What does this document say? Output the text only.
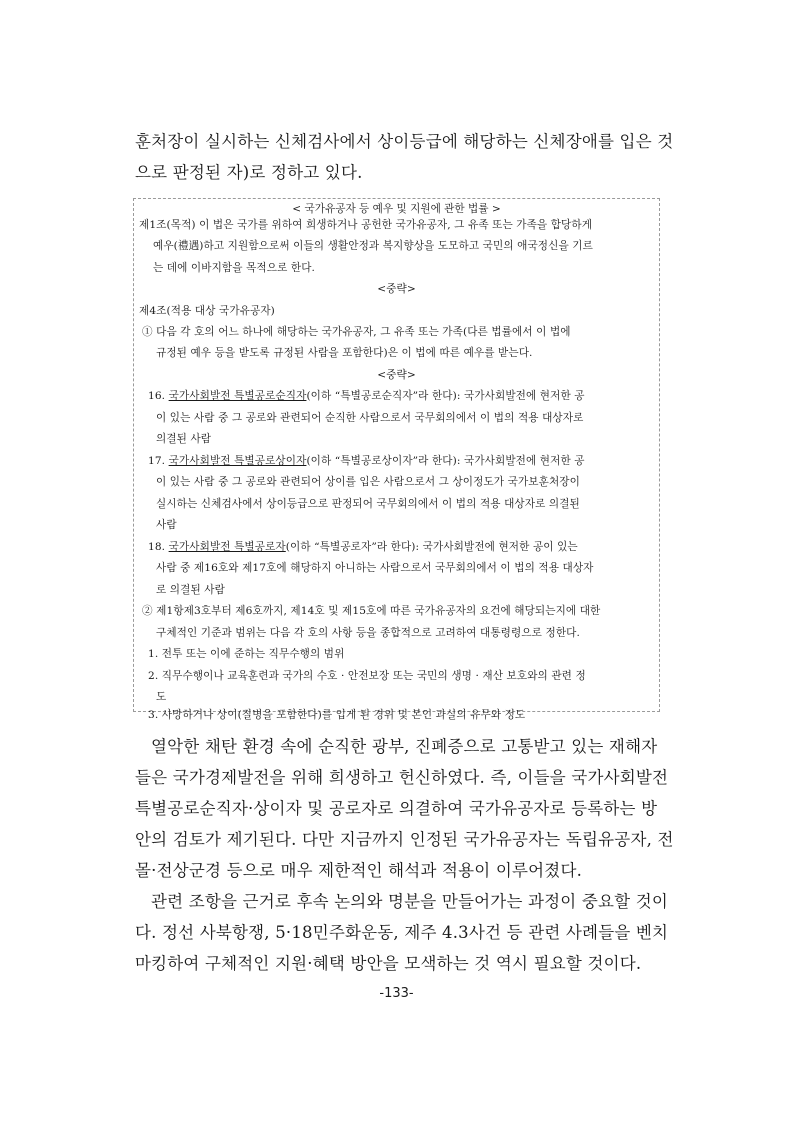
훈처장이 실시하는 신체검사에서 상이등급에 해당하는 신체장애를 입은 것
으로 판정된 자)로 정하고 있다.
< 국가유공자 등 예우 및 지원에 관한 법률 >
제1조(목적) 이 법은 국가를 위하여 희생하거나 공헌한 국가유공자, 그 유족 또는 가족을 합당하게
예우(禮遇)하고 지원함으로써 이들의 생활안정과 복지향상을 도모하고 국민의 애국정신을 기르
는 데에 이바지함을 목적으로 한다.
<중략>
제4조(적용 대상 국가유공자)
① 다음 각 호의 어느 하나에 해당하는 국가유공자, 그 유족 또는 가족(다른 법률에서 이 법에
규정된 예우 등을 받도록 규정된 사람을 포함한다)은 이 법에 따른 예우를 받는다.
<중략>
16. 국가사회발전 특별공로순직자(이하 “특별공로순직자”라 한다): 국가사회발전에 현저한 공
이 있는 사람 중 그 공로와 관련되어 순직한 사람으로서 국무회의에서 이 법의 적용 대상자로
의결된 사람
17. 국가사회발전 특별공로상이자(이하 “특별공로상이자”라 한다): 국가사회발전에 현저한 공
이 있는 사람 중 그 공로와 관련되어 상이를 입은 사람으로서 그 상이정도가 국가보훈처장이
실시하는 신체검사에서 상이등급으로 판정되어 국무회의에서 이 법의 적용 대상자로 의결된
사람
18. 국가사회발전 특별공로자(이하 “특별공로자”라 한다): 국가사회발전에 현저한 공이 있는
사람 중 제16호와 제17호에 해당하지 아니하는 사람으로서 국무회의에서 이 법의 적용 대상자
로 의결된 사람
② 제1항제3호부터 제6호까지, 제14호 및 제15호에 따른 국가유공자의 요건에 해당되는지에 대한
구체적인 기준과 범위는 다음 각 호의 사항 등을 종합적으로 고려하여 대통령령으로 정한다.
1. 전투 또는 이에 준하는 직무수행의 범위
2. 직무수행이나 교육훈련과 국가의 수호 · 안전보장 또는 국민의 생명 · 재산 보호와의 관련 정
도
3. 사망하거나 상이(질병을 포함한다)를 입게 된 경위 및 본인 과실의 유무와 정도
열악한 채탄 환경 속에 순직한 광부, 진폐증으로 고통받고 있는 재해자
들은 국가경제발전을 위해 희생하고 헌신하였다. 즉, 이들을 국가사회발전
특별공로순직자·상이자 및 공로자로 의결하여 국가유공자로 등록하는 방
안의 검토가 제기된다. 다만 지금까지 인정된 국가유공자는 독립유공자, 전
몰·전상군경 등으로 매우 제한적인 해석과 적용이 이루어졌다.
관련 조항을 근거로 후속 논의와 명분을 만들어가는 과정이 중요할 것이
다. 정선 사북항쟁, 5·18민주화운동, 제주 4.3사건 등 관련 사례들을 벤치
마킹하여 구체적인 지원·혜택 방안을 모색하는 것 역시 필요할 것이다.
-133-
